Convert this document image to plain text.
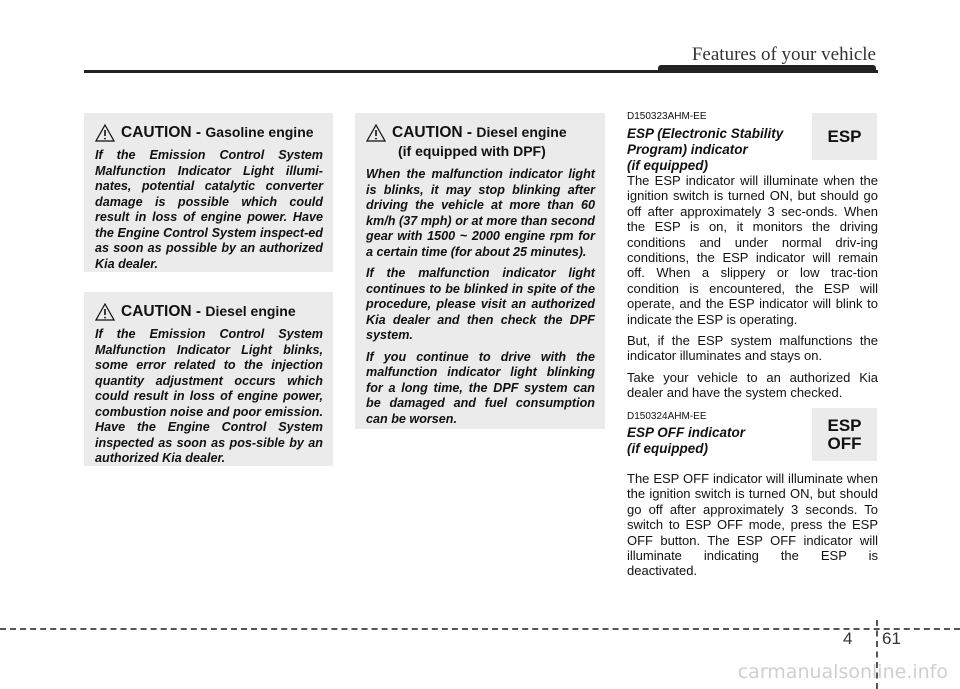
Features of your vehicle
CAUTION - Gasoline engine
If the Emission Control System Malfunction Indicator Light illumi-nates, potential catalytic converter damage is possible which could result in loss of engine power. Have the Engine Control System inspect-ed as soon as possible by an authorized Kia dealer.
CAUTION - Diesel engine
If the Emission Control System Malfunction Indicator Light blinks, some error related to the injection quantity adjustment occurs which could result in loss of engine power, combustion noise and poor emission. Have the Engine Control System inspected as soon as pos-sible by an authorized Kia dealer.
CAUTION - Diesel engine
(if equipped with DPF)

When the malfunction indicator light is blinks, it may stop blinking after driving the vehicle at more than 60 km/h (37 mph) or at more than second gear with 1500 ~ 2000 engine rpm for a certain time (for about 25 minutes).

If the malfunction indicator light continues to be blinked in spite of the procedure, please visit an authorized Kia dealer and then check the DPF system.

If you continue to drive with the malfunction indicator light blinking for a long time, the DPF system can be damaged and fuel consumption can be worsen.

D150323AHM-EE
ESP (Electronic Stability
Program) indicator
(if equipped)
ESP

The ESP indicator will illuminate when the ignition switch is turned ON, but should go off after approximately 3 sec-onds. When the ESP is on, it monitors the driving conditions and under normal driv-ing conditions, the ESP indicator will remain off. When a slippery or low trac-tion condition is encountered, the ESP will operate, and the ESP indicator will blink to indicate the ESP is operating.

But, if the ESP system malfunctions the indicator illuminates and stays on.

Take your vehicle to an authorized Kia dealer and have the system checked.

D150324AHM-EE
ESP OFF indicator
(if equipped)
ESP
OFF

The ESP OFF indicator will illuminate when the ignition switch is turned ON, but should go off after approximately 3 seconds. To switch to ESP OFF mode, press the ESP OFF button. The ESP OFF indicator will illuminate indicating the ESP is deactivated.

4 61
carmanualsonline.info
